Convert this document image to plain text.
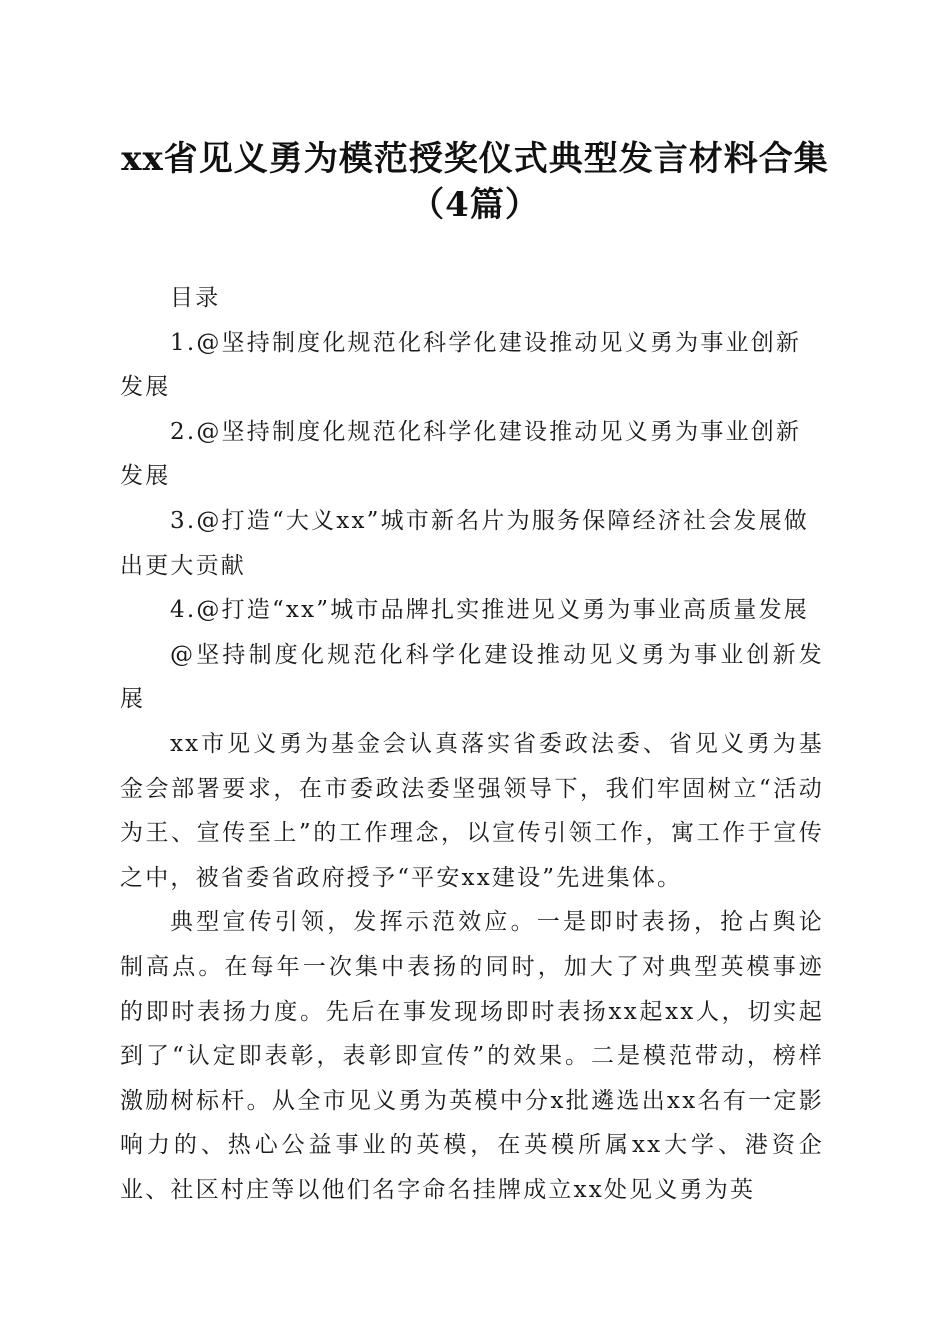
xx省见义勇为模范授奖仪式典型发言材料合集（4篇）

目录

1.@坚持制度化规范化科学化建设推动见义勇为事业创新发展

2.@坚持制度化规范化科学化建设推动见义勇为事业创新发展

3.@打造“大义xx”城市新名片为服务保障经济社会发展做出更大贡献

4.@打造“xx”城市品牌扎实推进见义勇为事业高质量发展

@坚持制度化规范化科学化建设推动见义勇为事业创新发展

xx市见义勇为基金会认真落实省委政法委、省见义勇为基金会部署要求，在市委政法委坚强领导下，我们牢固树立“活动为王、宣传至上”的工作理念，以宣传引领工作，寓工作于宣传之中，被省委省政府授予“平安xx建设”先进集体。

典型宣传引领，发挥示范效应。一是即时表扬，抢占舆论制高点。在每年一次集中表扬的同时，加大了对典型英模事迹的即时表扬力度。先后在事发现场即时表扬xx起xx人，切实起到了“认定即表彰，表彰即宣传”的效果。二是模范带动，榜样激励树标杆。从全市见义勇为英模中分x批遴选出xx名有一定影响力的、热心公益事业的英模，在英模所属xx大学、港资企业、社区村庄等以他们名字命名挂牌成立xx处见义勇为英
